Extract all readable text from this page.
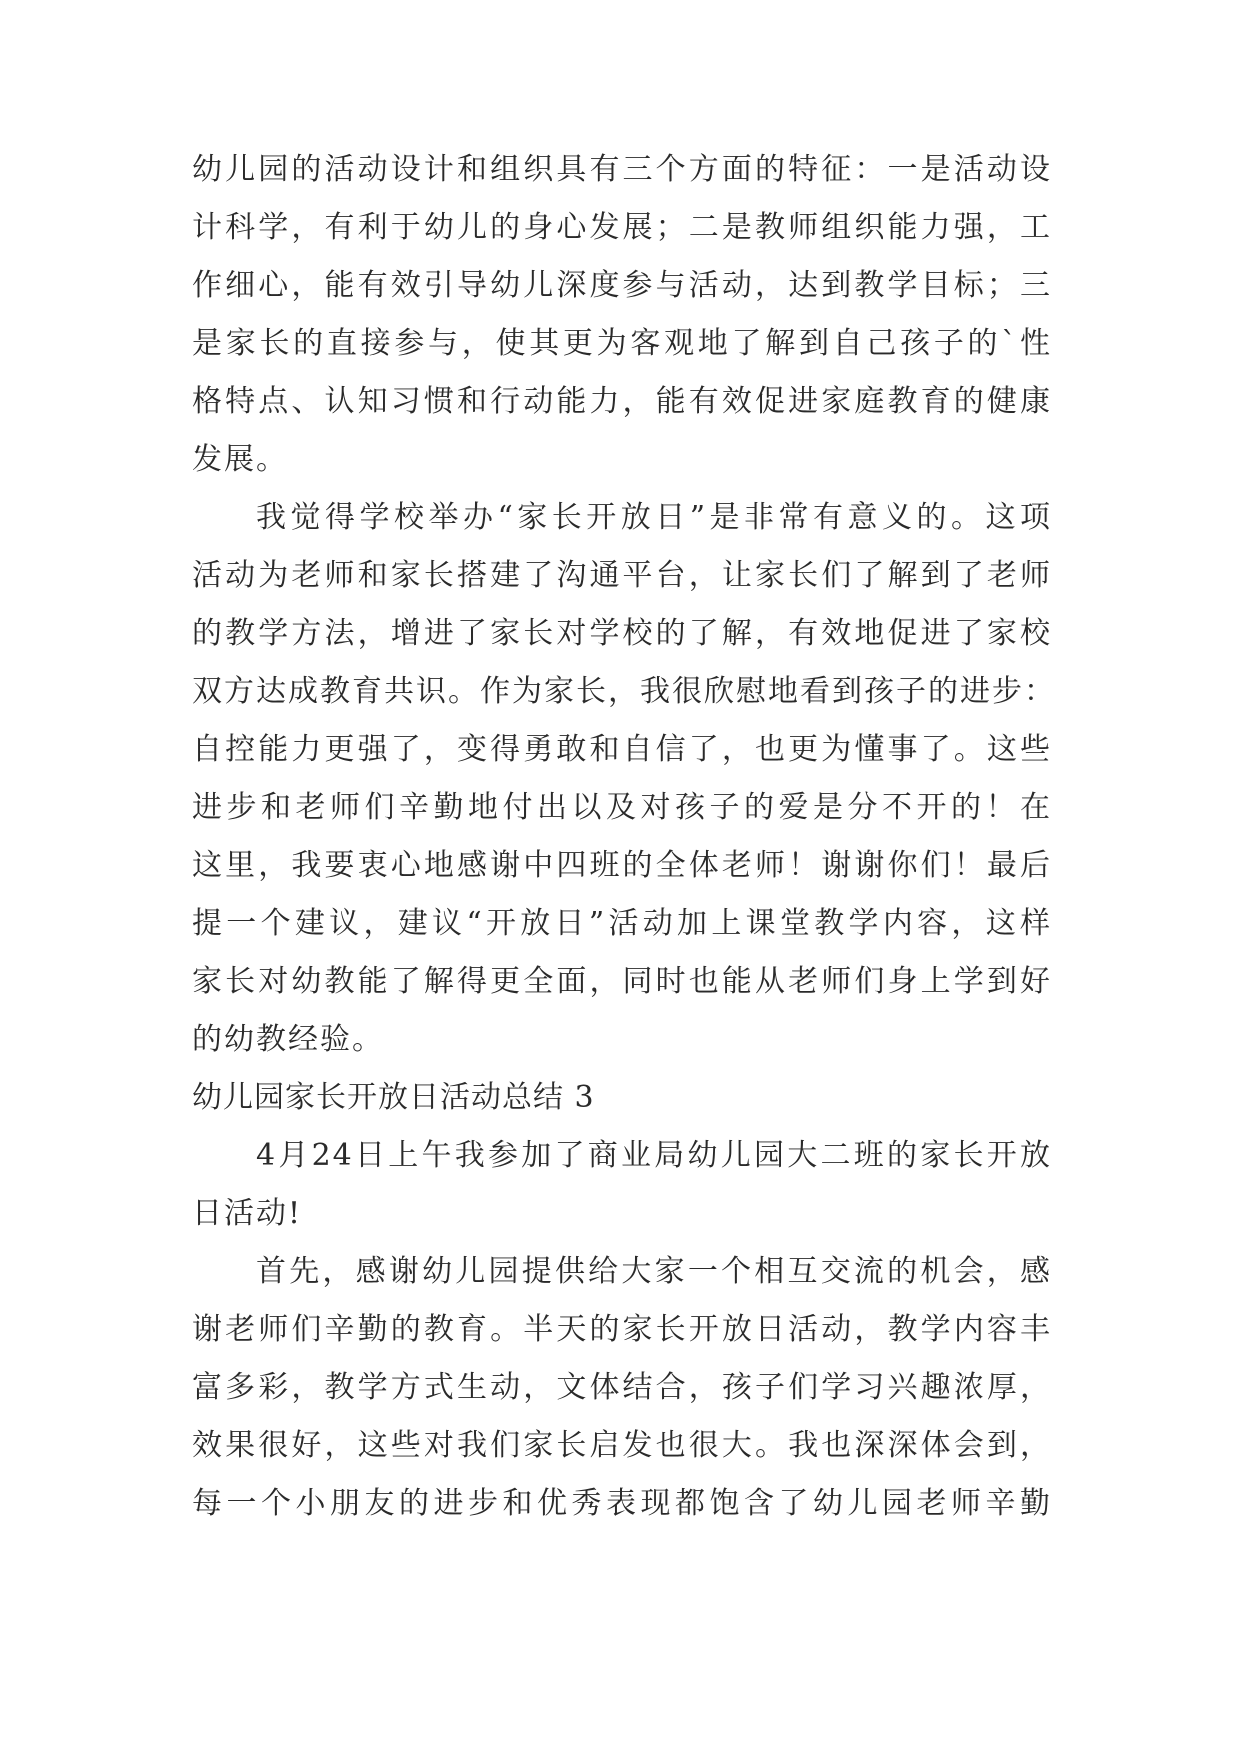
幼儿园的活动设计和组织具有三个方面的特征：一是活动设

计科学，有利于幼儿的身心发展；二是教师组织能力强，工

作细心，能有效引导幼儿深度参与活动，达到教学目标；三

是家长的直接参与，使其更为客观地了解到自己孩子的`性

格特点、认知习惯和行动能力，能有效促进家庭教育的健康

发展。

我觉得学校举办“家长开放日”是非常有意义的。这项

活动为老师和家长搭建了沟通平台，让家长们了解到了老师

的教学方法，增进了家长对学校的了解，有效地促进了家校

双方达成教育共识。作为家长，我很欣慰地看到孩子的进步：

自控能力更强了，变得勇敢和自信了，也更为懂事了。这些

进步和老师们辛勤地付出以及对孩子的爱是分不开的！在

这里，我要衷心地感谢中四班的全体老师！谢谢你们！最后

提一个建议，建议“开放日”活动加上课堂教学内容，这样

家长对幼教能了解得更全面，同时也能从老师们身上学到好

的幼教经验。

幼儿园家长开放日活动总结 3

4月24日上午我参加了商业局幼儿园大二班的家长开放

日活动!

首先，感谢幼儿园提供给大家一个相互交流的机会，感

谢老师们辛勤的教育。半天的家长开放日活动，教学内容丰

富多彩，教学方式生动，文体结合，孩子们学习兴趣浓厚，

效果很好，这些对我们家长启发也很大。我也深深体会到，

每一个小朋友的进步和优秀表现都饱含了幼儿园老师辛勤
